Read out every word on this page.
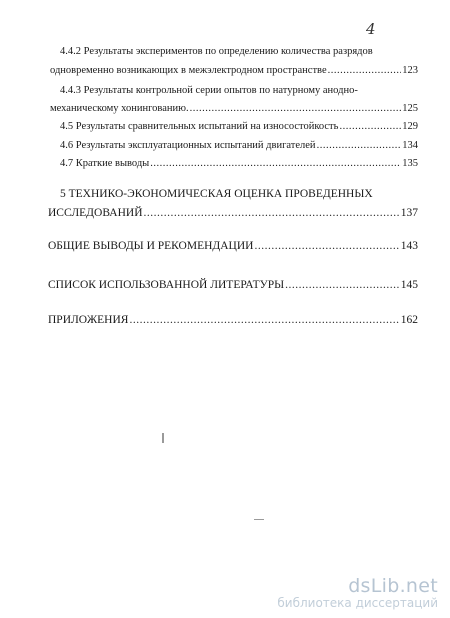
4
4.4.2 Результаты экспериментов по определению количества разрядов
одновременно возникающих в межэлектродном пространстве .....	123
4.4.3 Результаты контрольной серии опытов по натурному анодно-
механическому хонингованию. .....	125
4.5 Результаты сравнительных испытаний на износостойкость .....	129
4.6 Результаты эксплуатационных испытаний двигателей .....	134
4.7 Краткие выводы .....	135
5 ТЕХНИКО-ЭКОНОМИЧЕСКАЯ ОЦЕНКА ПРОВЕДЕННЫХ
ИССЛЕДОВАНИЙ .....	137
ОБЩИЕ ВЫВОДЫ И РЕКОМЕНДАЦИИ .....	143
СПИСОК ИСПОЛЬЗОВАННОЙ ЛИТЕРАТУРЫ .....	145
ПРИЛОЖЕНИЯ .....	162
dsLib.net
библиотека диссертаций
